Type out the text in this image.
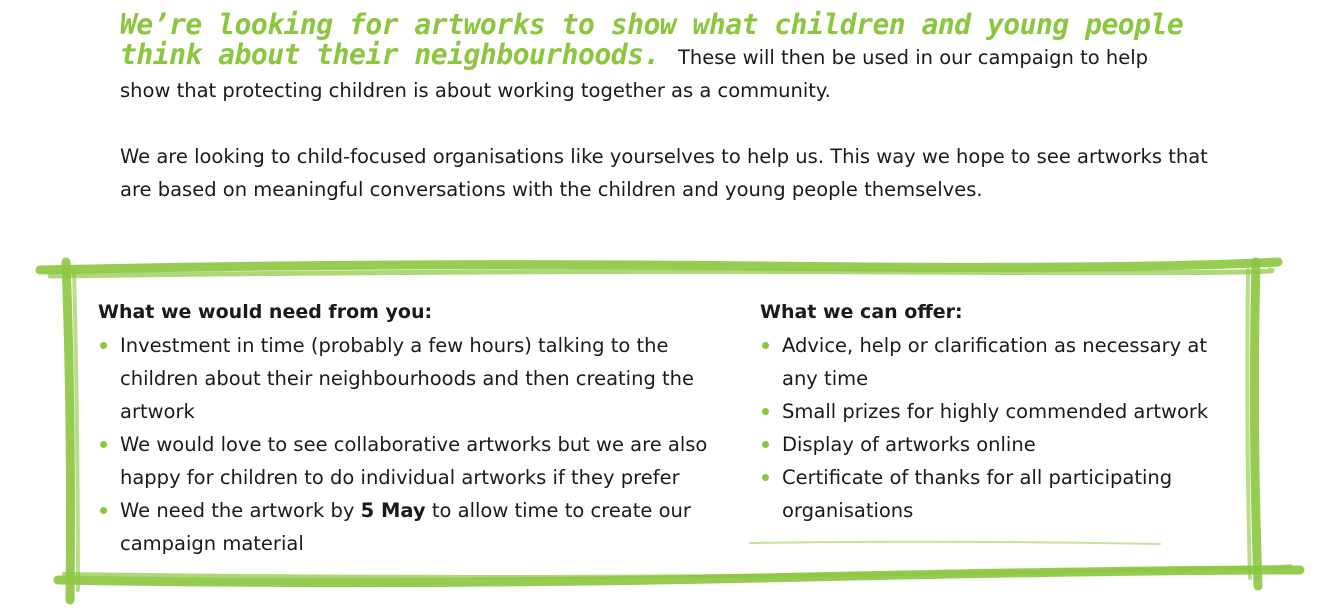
We’re looking for artworks to show what children and young people
think about their neighbourhoods. These will then be used in our campaign to help
show that protecting children is about working together as a community.
We are looking to child-focused organisations like yourselves to help us. This way we hope to see artworks that are based on meaningful conversations with the children and young people themselves.
What we would need from you:
Investment in time (probably a few hours) talking to the children about their neighbourhoods and then creating the artwork
We would love to see collaborative artworks but we are also happy for children to do individual artworks if they prefer
We need the artwork by 5 May to allow time to create our campaign material
What we can offer:
Advice, help or clarification as necessary at any time
Small prizes for highly commended artwork
Display of artworks online
Certificate of thanks for all participating organisations
